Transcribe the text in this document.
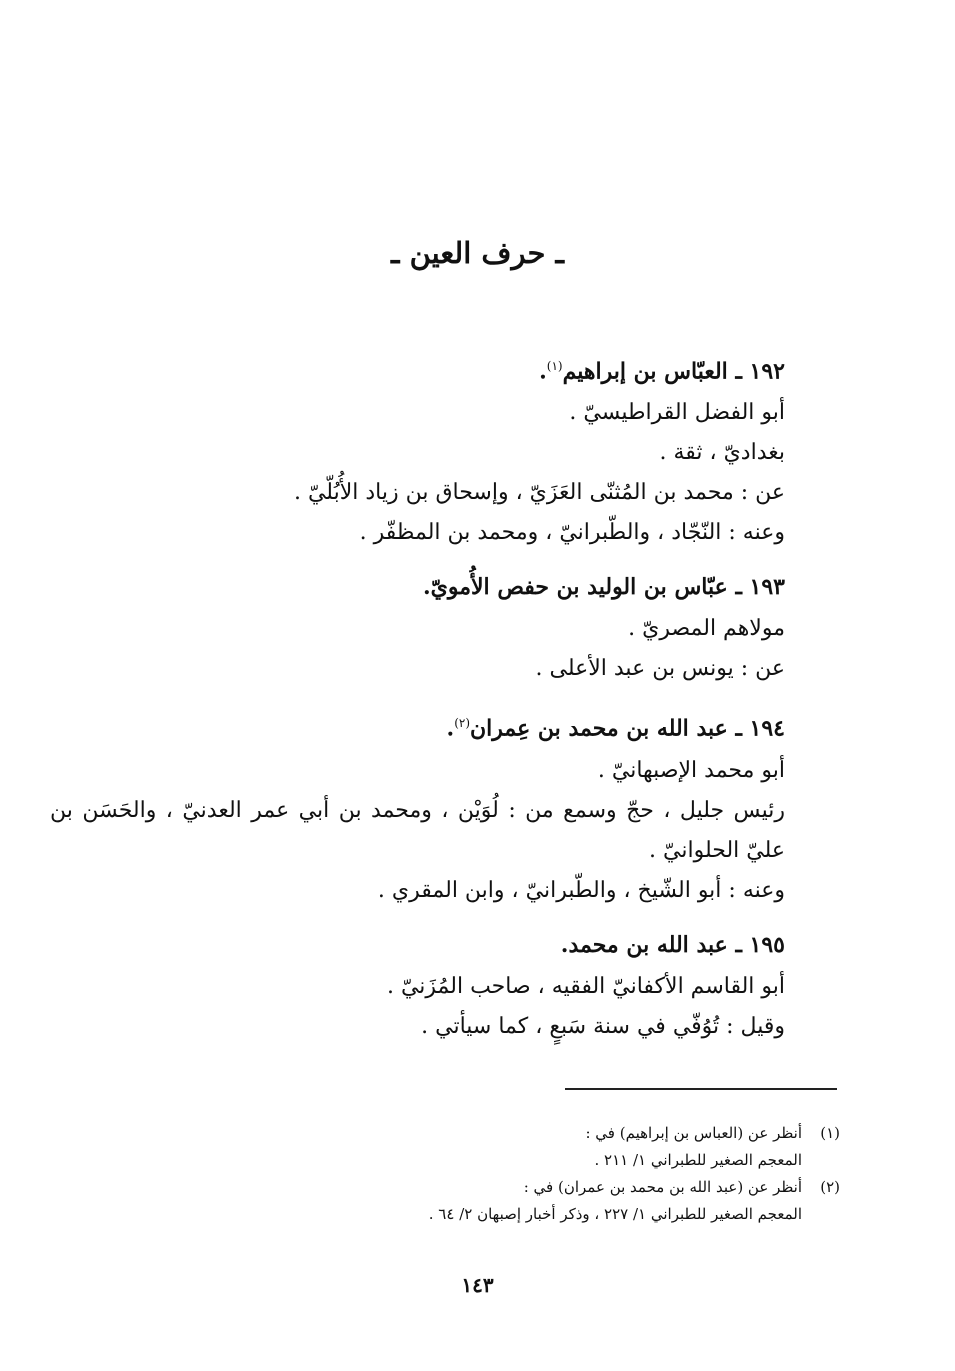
ـ حرف العين ـ

١٩٢ ـ العبّاس بن إبراهيم$^{(١)}$.

أبو الفضل القراطيسيّ .

بغداديّ ، ثقة .

عن : محمد بن المُثنّى العَزَيّ ، وإسحاق بن زياد الأُبُلّيّ .

وعنه : النّجّاد ، والطّبرانيّ ، ومحمد بن المظفّر .

١٩٣ ـ عبّاس بن الوليد بن حفص الأُمويّ.

مولاهم المصريّ .

عن : يونس بن عبد الأعلى .

١٩٤ ـ عبد الله بن محمد بن عِمران$^{(٢)}$.

أبو محمد الإصبهانيّ .

رئيس جليل ، حجّ وسمع من : لُوَيْن ، ومحمد بن أبي عمر العدنيّ ، والحَسَن بن عليّ الحلوانيّ .

وعنه : أبو الشّيخ ، والطّبرانيّ ، وابن المقري .

١٩٥ ـ عبد الله بن محمد.

أبو القاسم الأكفانيّ الفقيه ، صاحب المُزَنيّ .

وقيل : تُوُفّي في سنة سَبعٍ ، كما سيأتي .

(١)أنظر عن (العباس بن إبراهيم) في :

المعجم الصغير للطبراني ١/ ٢١١ .

(٢)أنظر عن (عبد الله بن محمد بن عمران) في :

المعجم الصغير للطبراني ١/ ٢٢٧ ، وذكر أخبار إصبهان ٢/ ٦٤ .

١٤٣
